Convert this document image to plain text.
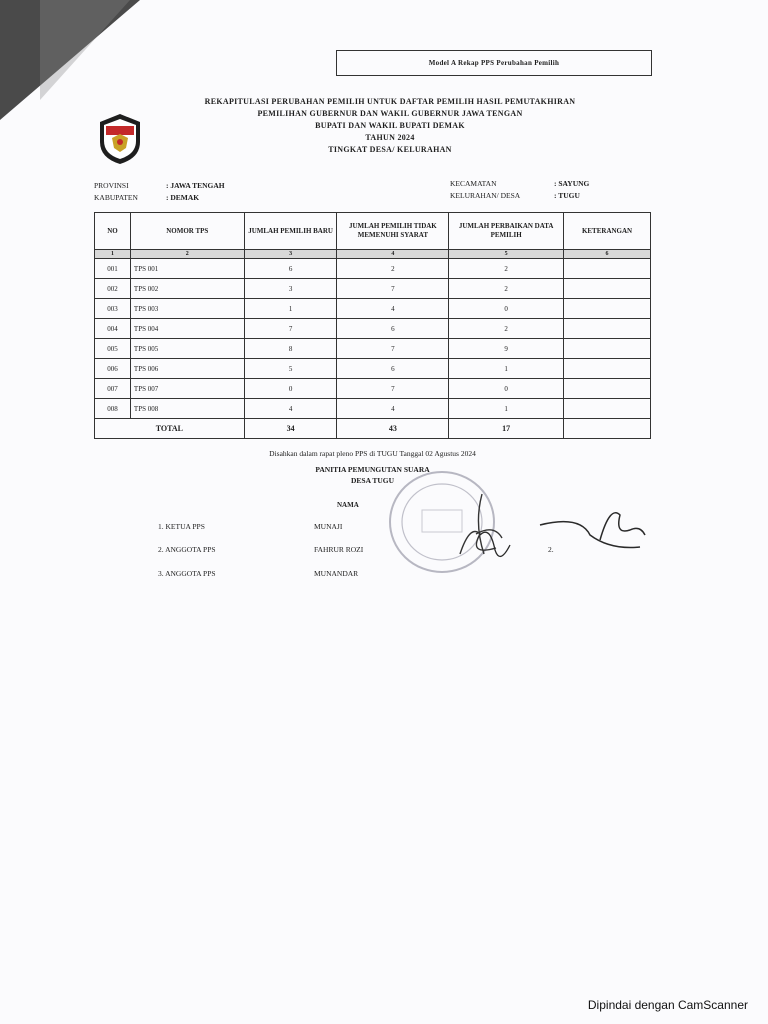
Model A Rekap PPS Perubahan Pemilih
REKAPITULASI PERUBAHAN PEMILIH UNTUK DAFTAR PEMILIH HASIL PEMUTAKHIRAN
PEMILIHAN GUBERNUR DAN WAKIL GUBERNUR JAWA TENGAN
BUPATI DAN WAKIL BUPATI DEMAK
TAHUN 2024
TINGKAT DESA/ KELURAHAN
PROVINSI	: JAWA TENGAH
KABUPATEN	: DEMAK
KECAMATAN	: SAYUNG
KELURAHAN/ DESA	: TUGU
NO	NOMOR TPS	JUMLAH PEMILIH BARU	JUMLAH PEMILIH TIDAK MEMENUHI SYARAT	JUMLAH PERBAIKAN DATA PEMILIH	KETERANGAN
1	2	3	4	5	6
001	TPS 001	6	2	2	
002	TPS 002	3	7	2	
003	TPS 003	1	4	0	
004	TPS 004	7	6	2	
005	TPS 005	8	7	9	
006	TPS 006	5	6	1	
007	TPS 007	0	7	0	
008	TPS 008	4	4	1	
TOTAL		34	43	17	
Disahkan dalam rapat pleno PPS di TUGU Tanggal 02 Agustus 2024
PANITIA PEMUNGUTAN SUARA
DESA TUGU
NAMA
1. KETUA PPS	MUNAJI
2. ANGGOTA PPS	FAHRUR ROZI	2.
3. ANGGOTA PPS	MUNANDAR
Dipindai dengan CamScanner
